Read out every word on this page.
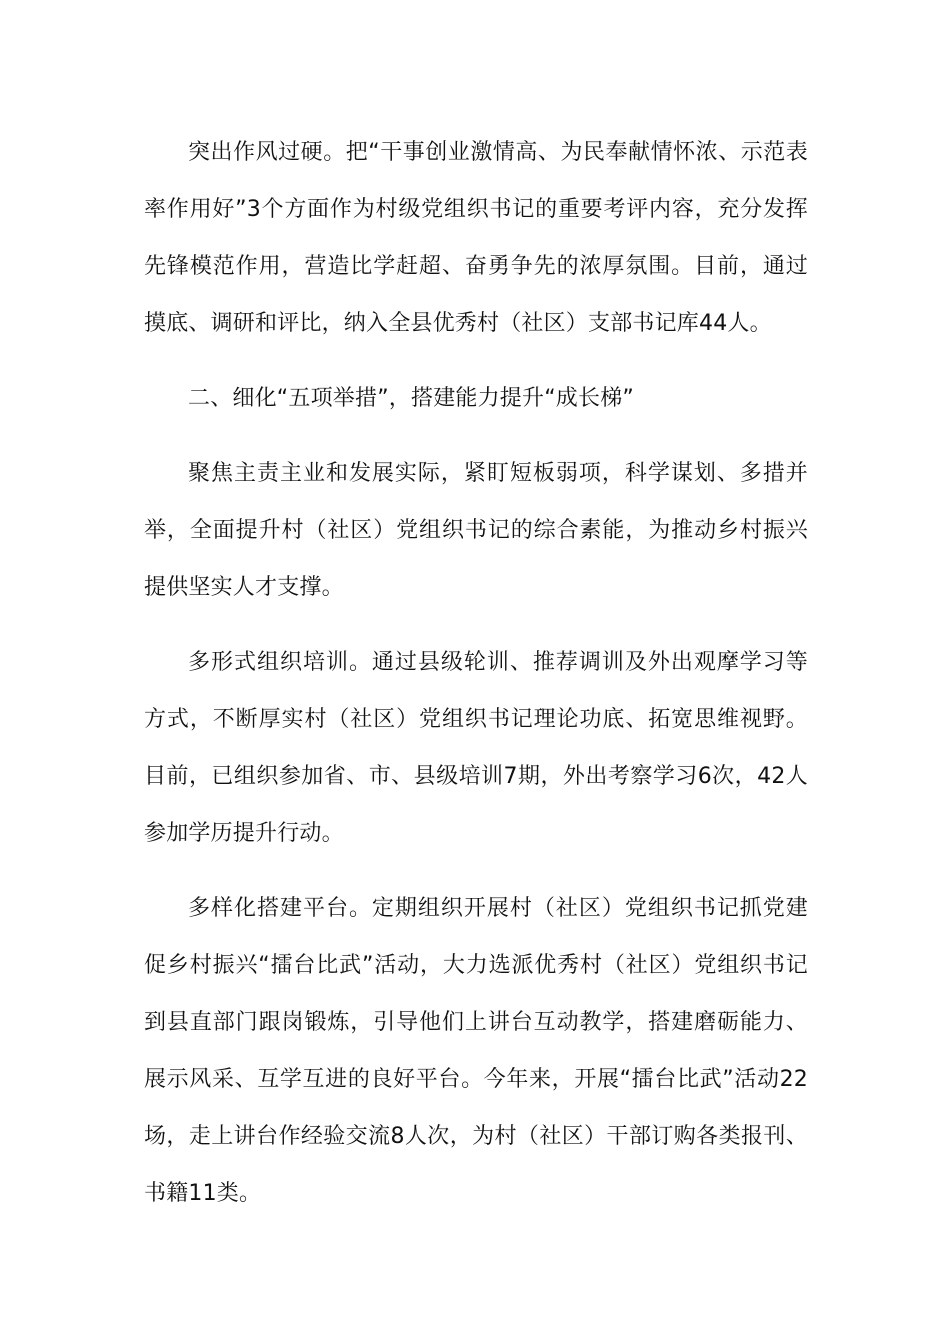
突出作风过硬。把“干事创业激情高、为民奉献情怀浓、示范表率作用好”3个方面作为村级党组织书记的重要考评内容，充分发挥先锋模范作用，营造比学赶超、奋勇争先的浓厚氛围。目前，通过摸底、调研和评比，纳入全县优秀村（社区）支部书记库44人。

二、细化“五项举措”，搭建能力提升“成长梯”

聚焦主责主业和发展实际，紧盯短板弱项，科学谋划、多措并举，全面提升村（社区）党组织书记的综合素能，为推动乡村振兴提供坚实人才支撑。

多形式组织培训。通过县级轮训、推荐调训及外出观摩学习等方式，不断厚实村（社区）党组织书记理论功底、拓宽思维视野。目前，已组织参加省、市、县级培训7期，外出考察学习6次，42人参加学历提升行动。

多样化搭建平台。定期组织开展村（社区）党组织书记抓党建促乡村振兴“擂台比武”活动，大力选派优秀村（社区）党组织书记到县直部门跟岗锻炼，引导他们上讲台互动教学，搭建磨砺能力、展示风采、互学互进的良好平台。今年来，开展“擂台比武”活动22场，走上讲台作经验交流8人次，为村（社区）干部订购各类报刊、书籍11类。
